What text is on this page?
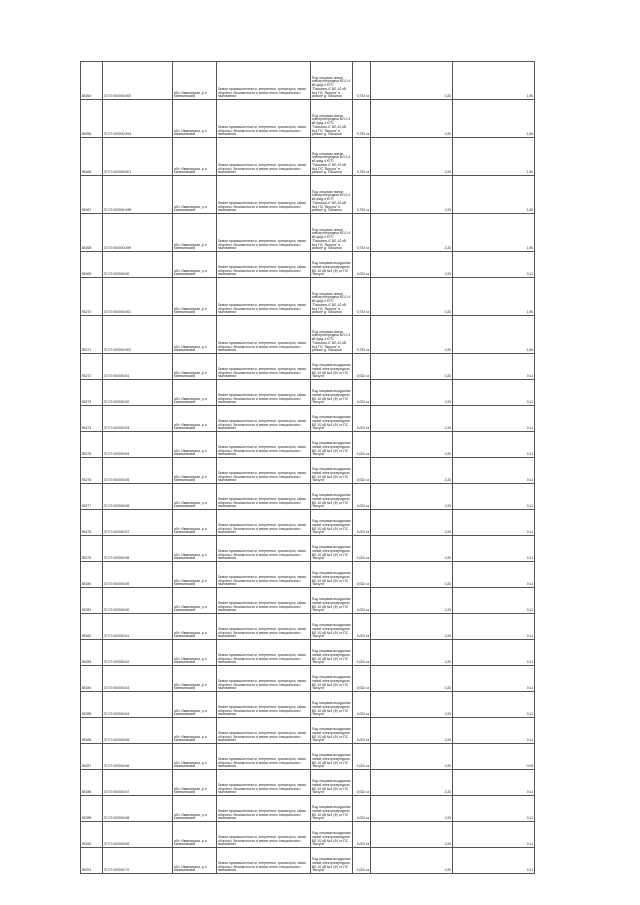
55264	37:07:000000:500	обл. Ивановская, р-н Кинешемский	Земли промышленности, энергетики, транспорта, связи обороны, безопасности и земли иного специального назначения	Под опорами линии электропередачи ВЛ-0,4 кВ фид.4 КТП "Пасынки-4" ВЛ-10 кВ №4 ПС "Вичуга" в районе д. Пасынки	0,752 га	0,20	1,50
55265	37:07:000000:494	обл. Ивановская, р-н Кинешемский	Земли промышленности, энергетики, транспорта, связи обороны, безопасности и земли иного специального назначения	Под опорами линии электропередачи ВЛ-0,4 кВ фид.4 КТП "Пасынки-4" ВЛ-10 кВ №4 ПС "Вичуга" в районе д. Пасынки	0,752 га	0,20	1,50
55266	37:07:000000:501	обл. Ивановская, р-н Кинешемский	Земли промышленности, энергетики, транспорта, связи обороны, безопасности и земли иного специального назначения	Под опорами линии электропередачи ВЛ-0,4 кВ фид.4 КТП "Пасынки-4" ВЛ-10 кВ №4 ПС "Вичуга" в районе д. Пасынки	0,752 га	0,20	1,50
55267	37:07:000000:498	обл. Ивановская, р-н Кинешемский	Земли промышленности, энергетики, транспорта, связи обороны, безопасности и земли иного специального назначения	Под опорами линии электропередачи ВЛ-0,4 кВ фид.4 КТП "Пасынки-4" ВЛ-10 кВ №4 ПС "Вичуга" в районе д. Пасынки	0,752 га	0,20	1,50
55268	37:07:000000:499	обл. Ивановская, р-н Кинешемский	Земли промышленности, энергетики, транспорта, связи обороны, безопасности и земли иного специального назначения	Под опорами линии электропередачи ВЛ-0,4 кВ фид.4 КТП "Пасынки-4" ВЛ-10 кВ №4 ПС "Вичуга" в районе д. Пасынки	0,752 га	2,20	1,50
55269	37:07:000000:50	обл. Ивановская, р-н Кинешемский	Земли промышленности, энергетики, транспорта, связи обороны, безопасности и земли иного специального назначения	Под опорами воздушных линий электропередачи ВЛ-10 кВ №4 (Ф) от ПС "Вичуга"	0,002 га	0,20	0,11
55270	37:07:000000:501	обл. Ивановская, р-н Кинешемский	Земли промышленности, энергетики, транспорта, связи обороны, безопасности и земли иного специального назначения	Под опорами линии электропередачи ВЛ-0,4 кВ фид.4 КТП "Пасынки-4" ВЛ-10 кВ №4 ПС "Вичуга" в районе д. Пасынки	0,752 га	0,20	1,50
55271	37:07:000000:502	обл. Ивановская, р-н Кинешемский	Земли промышленности, энергетики, транспорта, связи обороны, безопасности и земли иного специального назначения	Под опорами линии электропередачи ВЛ-0,4 кВ фид.4 КТП "Пасынки-4" ВЛ-10 кВ №4 ПС "Вичуга" в районе д. Пасынки	0,752 га	0,20	1,50
55272	37:07:000000:51	обл. Ивановская, р-н Кинешемский	Земли промышленности, энергетики, транспорта, связи обороны, безопасности и земли иного специального назначения	Под опорами воздушных линий электропередачи ВЛ-10 кВ №4 (Ф) от ПС "Вичуга"	0,002 га	0,20	0,11
55273	37:07:000000:52	обл. Ивановская, р-н Кинешемский	Земли промышленности, энергетики, транспорта, связи обороны, безопасности и земли иного специального назначения	Под опорами воздушных линий электропередачи ВЛ-10 кВ №4 (Ф) от ПС "Вичуга"	0,002 га	0,20	0,11
55274	37:07:000000:53	обл. Ивановская, р-н Кинешемский	Земли промышленности, энергетики, транспорта, связи обороны, безопасности и земли иного специального назначения	Под опорами воздушных линий электропередачи ВЛ-10 кВ №4 (Ф) от ПС "Вичуга"	0,002 га	2,20	0,11
55275	37:07:000000:54	обл. Ивановская, р-н Кинешемский	Земли промышленности, энергетики, транспорта, связи обороны, безопасности и земли иного специального назначения	Под опорами воздушных линий электропередачи ВЛ-10 кВ №4 (Ф) от ПС "Вичуга"	0,002 га	0,20	0,11
55276	37:07:000000:55	обл. Ивановская, р-н Кинешемский	Земли промышленности, энергетики, транспорта, связи обороны, безопасности и земли иного специального назначения	Под опорами воздушных линий электропередачи ВЛ-10 кВ №4 (Ф) от ПС "Вичуга"	0,002 га	2,20	0,11
55277	37:07:000000:56	обл. Ивановская, р-н Кинешемский	Земли промышленности, энергетики, транспорта, связи обороны, безопасности и земли иного специального назначения	Под опорами воздушных линий электропередачи ВЛ-10 кВ №4 (Ф) от ПС "Вичуга"	0,002 га	0,20	0,11
55278	37:07:000000:57	обл. Ивановская, р-н Кинешемский	Земли промышленности, энергетики, транспорта, связи обороны, безопасности и земли иного специального назначения	Под опорами воздушных линий электропередачи ВЛ-10 кВ №4 (Ф) от ПС "Вичуга"	0,002 га	0,20	0,11
55279	37:07:000000:58	обл. Ивановская, р-н Кинешемский	Земли промышленности, энергетики, транспорта, связи обороны, безопасности и земли иного специального назначения	Под опорами воздушных линий электропередачи ВЛ-10 кВ №4 (Ф) от ПС "Вичуга"	0,002 га	0,20	0,11
55280	37:07:000000:59	обл. Ивановская, р-н Кинешемский	Земли промышленности, энергетики, транспорта, связи обороны, безопасности и земли иного специального назначения	Под опорами воздушных линий электропередачи ВЛ-10 кВ №4 (Ф) от ПС "Вичуга"	0,002 га	0,20	0,11
55281	37:07:000000:60	обл. Ивановская, р-н Кинешемский	Земли промышленности, энергетики, транспорта, связи обороны, безопасности и земли иного специального назначения	Под опорами воздушных линий электропередачи ВЛ-10 кВ №4 (Ф) от ПС "Вичуга"	0,002 га	2,20	0,11
55282	37:07:000000:61	обл. Ивановская, р-н Кинешемский	Земли промышленности, энергетики, транспорта, связи обороны, безопасности и земли иного специального назначения	Под опорами воздушных линий электропередачи ВЛ-10 кВ №4 (Ф) от ПС "Вичуга"	0,002 га	0,20	0,11
55283	37:07:000000:62	обл. Ивановская, р-н Кинешемский	Земли промышленности, энергетики, транспорта, связи обороны, безопасности и земли иного специального назначения	Под опорами воздушных линий электропередачи ВЛ-10 кВ №4 (Ф) от ПС "Вичуга"	0,002 га	2,20	0,11
55284	37:07:000000:63	обл. Ивановская, р-н Кинешемский	Земли промышленности, энергетики, транспорта, связи обороны, безопасности и земли иного специального назначения	Под опорами воздушных линий электропередачи ВЛ-10 кВ №4 (Ф) от ПС "Вичуга"	0,002 га	0,20	0,11
55285	37:07:000000:64	обл. Ивановская, р-н Кинешемский	Земли промышленности, энергетики, транспорта, связи обороны, безопасности и земли иного специального назначения	Под опорами воздушных линий электропередачи ВЛ-10 кВ №4 (Ф) от ПС "Вичуга"	0,002 га	0,20	0,11
55286	37:07:000000:65	обл. Ивановская, р-н Кинешемский	Земли промышленности, энергетики, транспорта, связи обороны, безопасности и земли иного специального назначения	Под опорами воздушных линий электропередачи ВЛ-10 кВ №4 (Ф) от ПС "Вичуга"	0,002 га	0,20	0,11
55287	37:07:000000:66	обл. Ивановская, р-н Кинешемский	Земли промышленности, энергетики, транспорта, связи обороны, безопасности и земли иного специального назначения	Под опорами воздушных линий электропередачи ВЛ-10 кВ №4 (Ф) от ПС "Вичуга"	0,002 га	0,20	0,05
55288	37:07:000000:67	обл. Ивановская, р-н Кинешемский	Земли промышленности, энергетики, транспорта, связи обороны, безопасности и земли иного специального назначения	Под опорами воздушных линий электропередачи ВЛ-10 кВ №4 (Ф) от ПС "Вичуга"	0,002 га	2,20	0,11
55289	37:07:000000:68	обл. Ивановская, р-н Кинешемский	Земли промышленности, энергетики, транспорта, связи обороны, безопасности и земли иного специального назначения	Под опорами воздушных линий электропередачи ВЛ-10 кВ №4 (Ф) от ПС "Вичуга"	0,002 га	0,20	0,11
55290	37:07:000000:69	обл. Ивановская, р-н Кинешемский	Земли промышленности, энергетики, транспорта, связи обороны, безопасности и земли иного специального назначения	Под опорами воздушных линий электропередачи ВЛ-10 кВ №4 (Ф) от ПС "Вичуга"	0,002 га	0,20	0,11
55291	37:07:000000:70	обл. Ивановская, р-н Кинешемский	Земли промышленности, энергетики, транспорта, связи обороны, безопасности и земли иного специального назначения	Под опорами воздушных линий электропередачи ВЛ-10 кВ №4 (Ф) от ПС "Вичуга"	0,002 га	0,20	0,11
